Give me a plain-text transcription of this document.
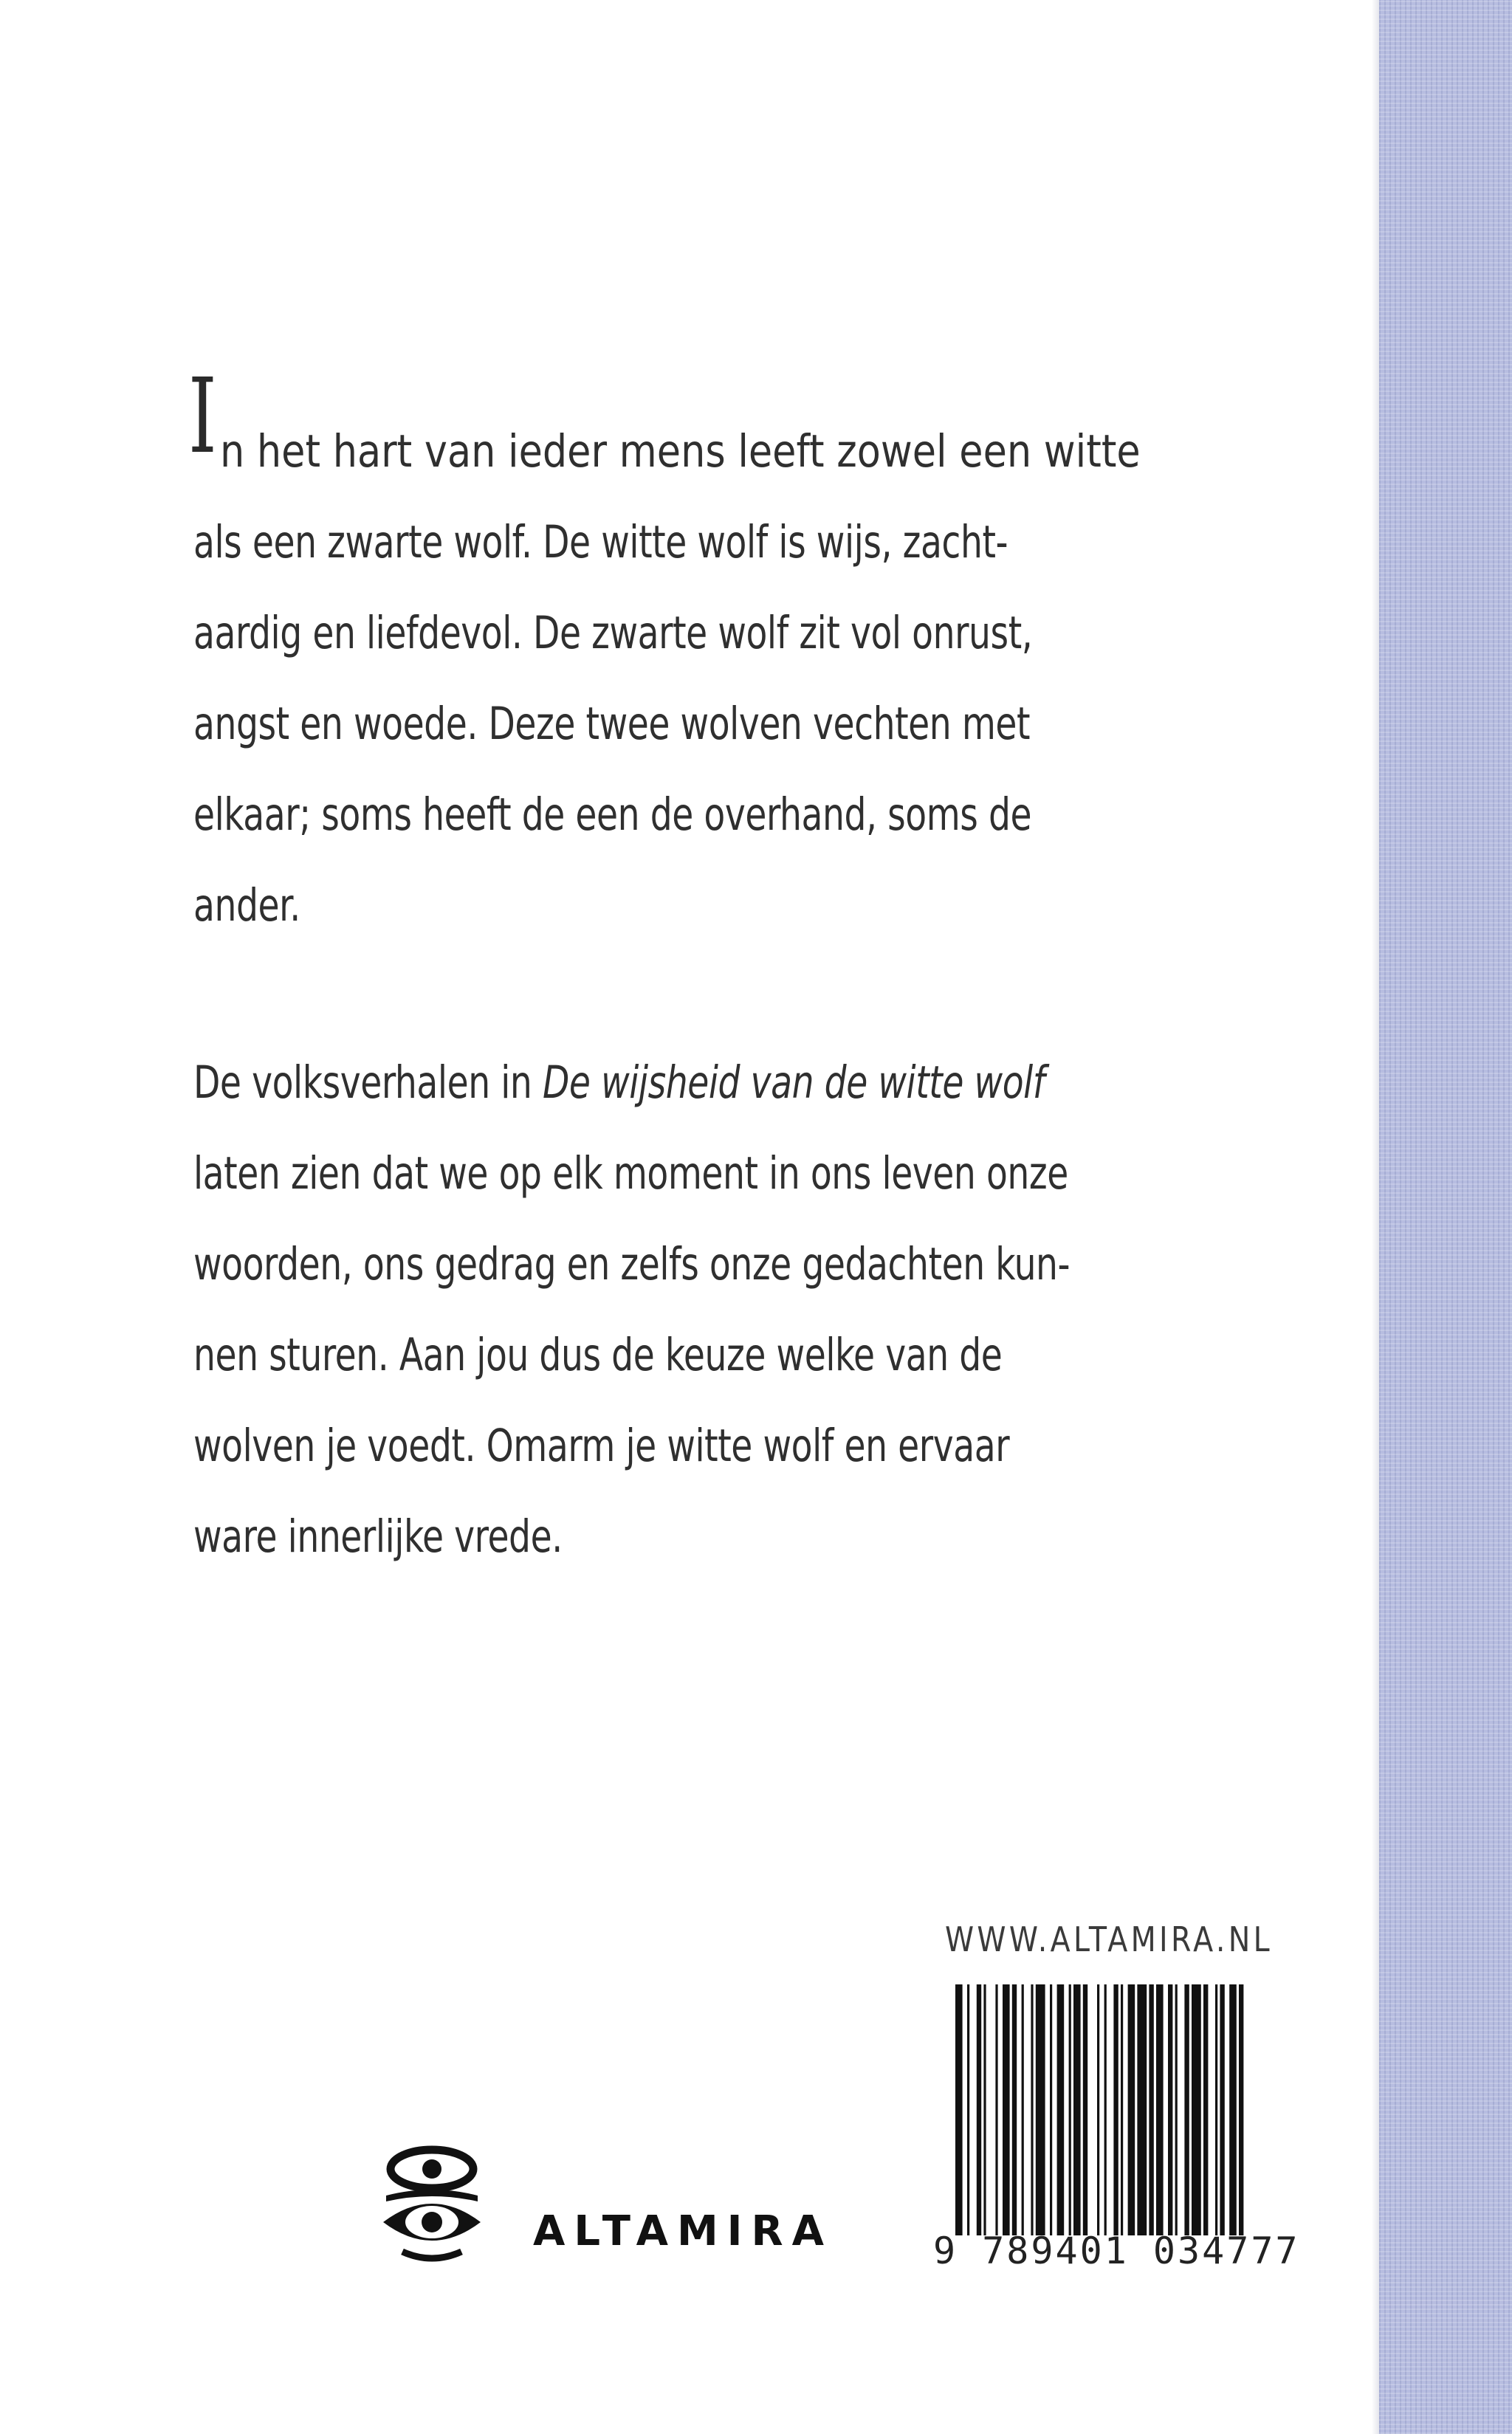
I n het hart van ieder mens leeft zowel een witte
als een zwarte wolf. De witte wolf is wijs, zacht-
aardig en liefdevol. De zwarte wolf zit vol onrust,
angst en woede. Deze twee wolven vechten met
elkaar; soms heeft de een de overhand, soms de
ander.
De volksverhalen in De wijsheid van de witte wolf
laten zien dat we op elk moment in ons leven onze
woorden, ons gedrag en zelfs onze gedachten kun-
nen sturen. Aan jou dus de keuze welke van de
wolven je voedt. Omarm je witte wolf en ervaar
ware innerlijke vrede.
WWW.ALTAMIRA.NL
9 789401 034777
ALTAMIRA
